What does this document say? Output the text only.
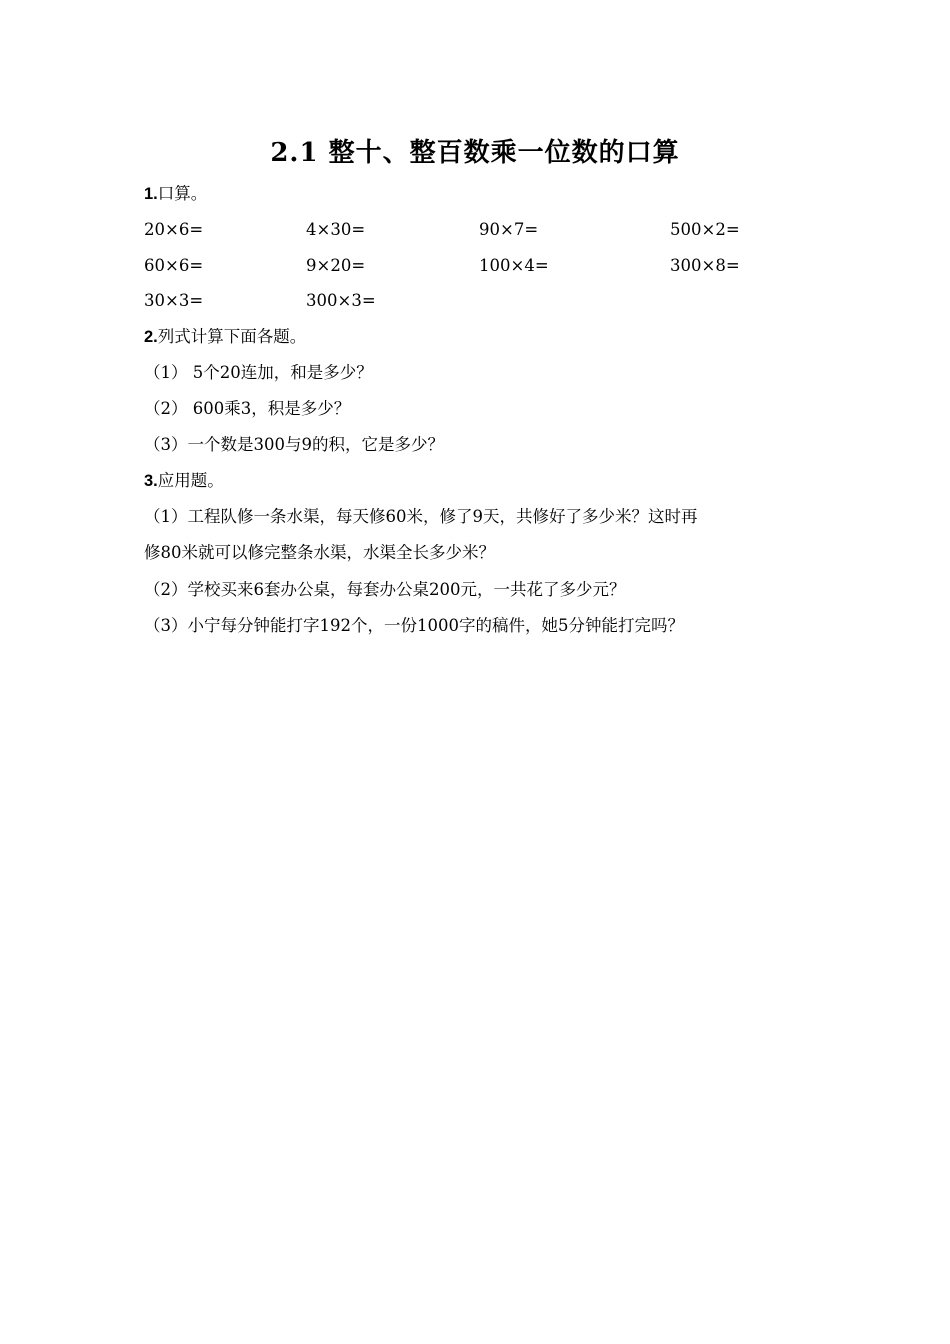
2.1 整十、整百数乘一位数的口算
1.口算。
20×6=	4×30=	90×7=	500×2=
60×6=	9×20=	100×4=	300×8=
30×3=	300×3=
2.列式计算下面各题。
（1） 5个20连加，和是多少？
（2） 600乘3，积是多少？
（3）一个数是300与9的积，它是多少？
3.应用题。
（1）工程队修一条水渠，每天修60米，修了9天，共修好了多少米？这时再
修80米就可以修完整条水渠，水渠全长多少米？
（2）学校买来6套办公桌，每套办公桌200元，一共花了多少元？
（3）小宁每分钟能打字192个，一份1000字的稿件，她5分钟能打完吗？
